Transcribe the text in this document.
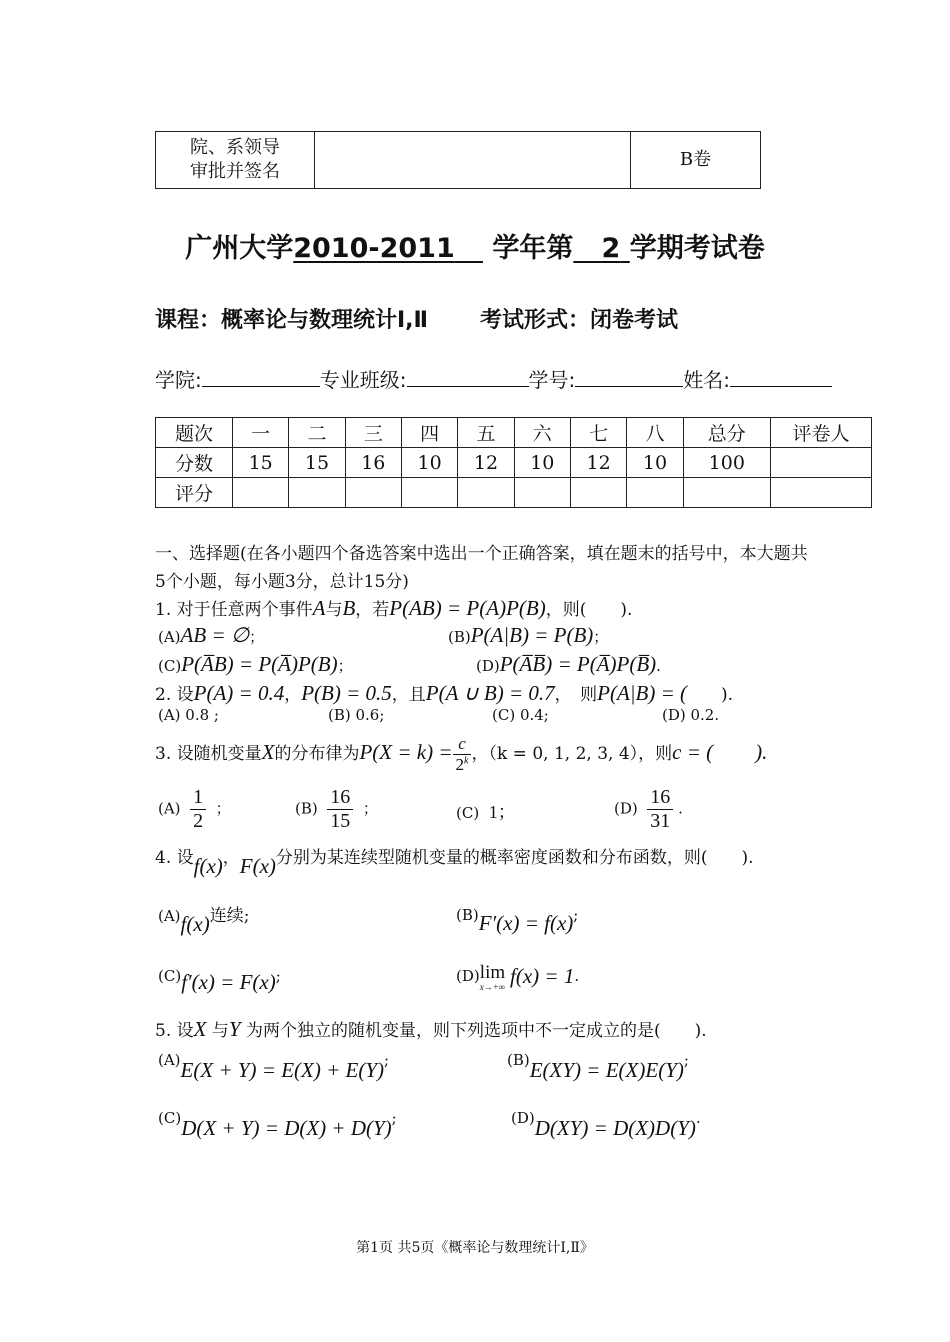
院、系领导
审批并签名		B卷
广州大学2010-2011 学年第 2 学期考试卷
课程：概率论与数理统计Ⅰ,Ⅱ 考试形式：闭卷考试
学院:	专业班级:	学号:	姓名:
题次	一	二	三	四	五	六	七	八	总分	评卷人
分数	15	15	16	10	12	10	12	10	100	
评分										
一、选择题(在各小题四个备选答案中选出一个正确答案，填在题末的括号中，本大题共
5个小题，每小题3分，总计15分)
1. 对于任意两个事件A与B，若P(AB) = P(A)P(B)，则(　　).
(A)AB = ∅；	(B)P(A|B) = P(B)；
(C)P(A̅B) = P(A̅)P(B)；	(D)P(A̅B̅) = P(A̅)P(B̅).
2. 设P(A) = 0.4，P(B) = 0.5，且P(A ∪ B) = 0.7，　则P(A|B) = (　　).
(A) 0.8 ;	(B) 0.6;	(C) 0.4;	(D) 0.2.
3. 设随机变量X的分布律为$P(X = k) = \frac{c}{2^k}$ ，（k = 0, 1, 2, 3, 4），则c = (　　).
$(A) \frac{1}{2}$ ；	$(B) \frac{16}{15}$ ；	(C) 1；	$(D) \frac{16}{31}$ .
4. 设f(x)，F(x)分别为某连续型随机变量的概率密度函数和分布函数，则(　　).
(A)f(x)连续;	(B)F′(x) = f(x);
(C)f′(x) = F(x);	(D)lim
x→+∞ f(x) = 1.
5. 设X 与Y 为两个独立的随机变量，则下列选项中不一定成立的是(　　).
(A)E(X + Y) = E(X) + E(Y);	(B)E(XY) = E(X)E(Y);
(C)D(X + Y) = D(X) + D(Y);	(D)D(XY) = D(X)D(Y).
第1页 共5页《概率论与数理统计Ⅰ,Ⅱ》
